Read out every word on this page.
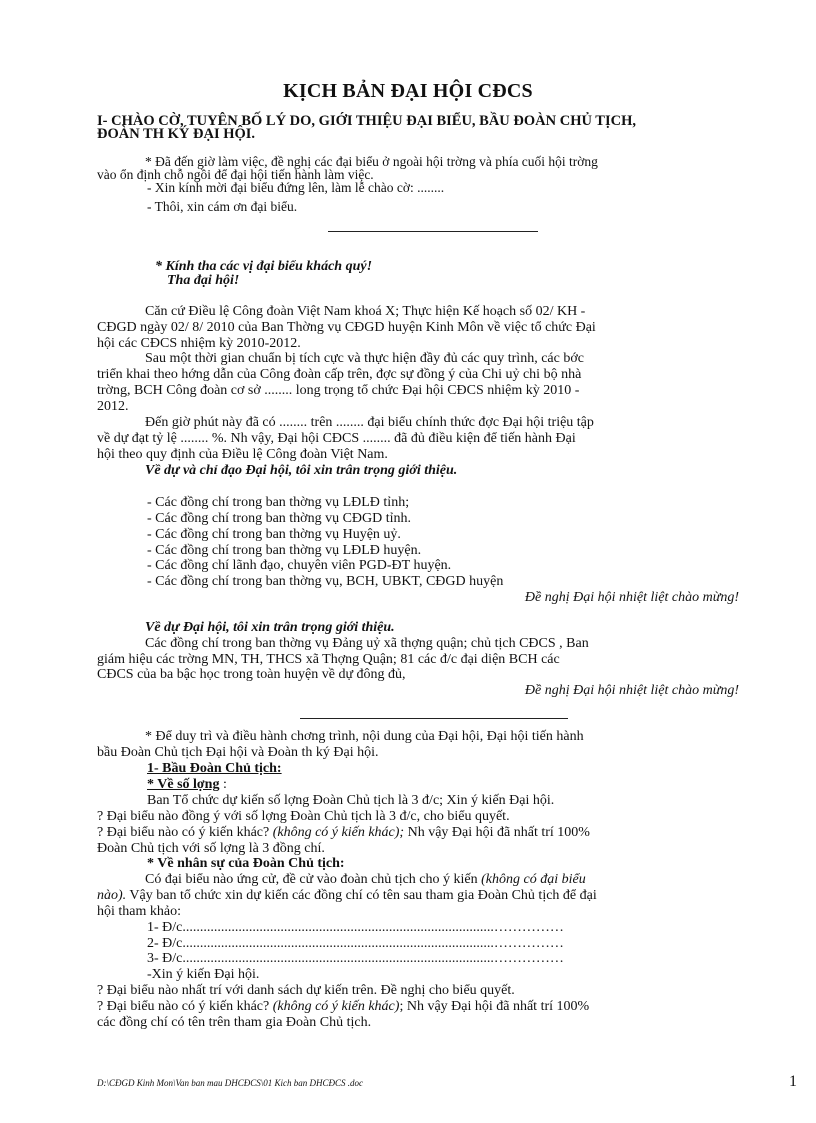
KỊCH BẢN ĐẠI HỘI CĐCS
I- CHÀO CỜ, TUYÊN BỐ LÝ DO, GIỚI THIỆU ĐẠI BIỂU, BẦU ĐOÀN CHỦ TỊCH,
ĐOÀN TH KÝ ĐẠI HỘI.
* Đã đến giờ làm việc, đề nghị các đại biểu ở ngoài hội trờng và phía cuối hội trờng
vào ổn định chỗ ngồi để đại hội tiến hành làm việc.
- Xin kính mời đại biểu đứng lên, làm lễ chào cờ: ........
- Thôi, xin cám ơn đại biểu.
* Kính tha các vị đại biểu khách quý!
Tha đại hội!
Căn cứ Điều lệ Công đoàn Việt Nam khoá X; Thực hiện Kế hoạch số 02/ KH -
CĐGD ngày 02/ 8/ 2010 của Ban Thờng vụ CĐGD huyện Kinh Môn về việc tổ chức Đại
hội các CĐCS nhiệm kỳ 2010-2012.
Sau một thời gian chuẩn bị tích cực và thực hiện đầy đủ các quy trình, các bớc
triển khai theo hớng dẫn của Công đoàn cấp trên, đợc sự đồng ý của Chi uỷ chi bộ nhà
trờng, BCH Công đoàn cơ sở ........ long trọng tổ chức Đại hội CĐCS nhiệm kỳ 2010 -
2012.
Đến giờ phút này đã có ........ trên ........ đại biểu chính thức đợc Đại hội triệu tập
về dự đạt tỷ lệ ........ %. Nh vậy, Đại hội CĐCS ........ đã đủ điều kiện để tiến hành Đại
hội theo quy định của Điều lệ Công đoàn Việt Nam.
Về dự và chỉ đạo Đại hội, tôi xin trân trọng giới thiệu.
- Các đồng chí trong ban thờng vụ LĐLĐ tỉnh;
- Các đồng chí trong ban thờng vụ CĐGD tỉnh.
- Các đồng chí trong ban thờng vụ Huyện uỷ.
- Các đồng chí trong ban thờng vụ LĐLĐ huyện.
- Các đồng chí lãnh đạo, chuyên viên PGD-ĐT huyện.
- Các đồng chí trong ban thờng vụ, BCH, UBKT, CĐGD huyện
Đề nghị Đại hội nhiệt liệt chào mừng!
Về dự Đại hội, tôi xin trân trọng giới thiệu.
Các đồng chí trong ban thờng vụ Đảng uỷ xã thợng quận; chủ tịch CĐCS , Ban
giám hiệu các trờng MN, TH, THCS xã Thợng Quận; 81 các đ/c đại diện BCH các
CĐCS của ba bậc học trong toàn huyện về dự đông đủ,
Đề nghị Đại hội nhiệt liệt chào mừng!
* Để duy trì và điều hành chơng trình, nội dung của Đại hội, Đại hội tiến hành
bầu Đoàn Chủ tịch Đại hội và Đoàn th ký Đại hội.
1- Bầu Đoàn Chủ tịch:
* Về số lợng :
Ban Tổ chức dự kiến số lợng Đoàn Chủ tịch là 3 đ/c; Xin ý kiến Đại hội.
? Đại biểu nào đồng ý với số lợng Đoàn Chủ tịch là 3 đ/c, cho biểu quyết.
? Đại biểu nào có ý kiến khác? (không có ý kiến khác); Nh vậy Đại hội đã nhất trí 100%
Đoàn Chủ tịch với số lợng là 3 đồng chí.
* Về nhân sự của Đoàn Chủ tịch:
Có đại biểu nào ứng cử, đề cử vào đoàn chủ tịch cho ý kiến (không có đại biểu
nào). Vậy ban tổ chức xin dự kiến các đồng chí có tên sau tham gia Đoàn Chủ tịch để đại
hội tham khảo:
1- Đ/c.........................................................................................……………
2- Đ/c.........................................................................................……………
3- Đ/c.........................................................................................……………
-Xin ý kiến Đại hội.
? Đại biểu nào nhất trí với danh sách dự kiến trên. Đề nghị cho biểu quyết.
? Đại biểu nào có ý kiến khác? (không có ý kiến khác); Nh vậy Đại hội đã nhất trí 100%
các đồng chí có tên trên tham gia Đoàn Chủ tịch.
D:\CĐGD Kinh Mon\Van ban mau DHCĐCS\01 Kich ban DHCĐCS .doc	1
